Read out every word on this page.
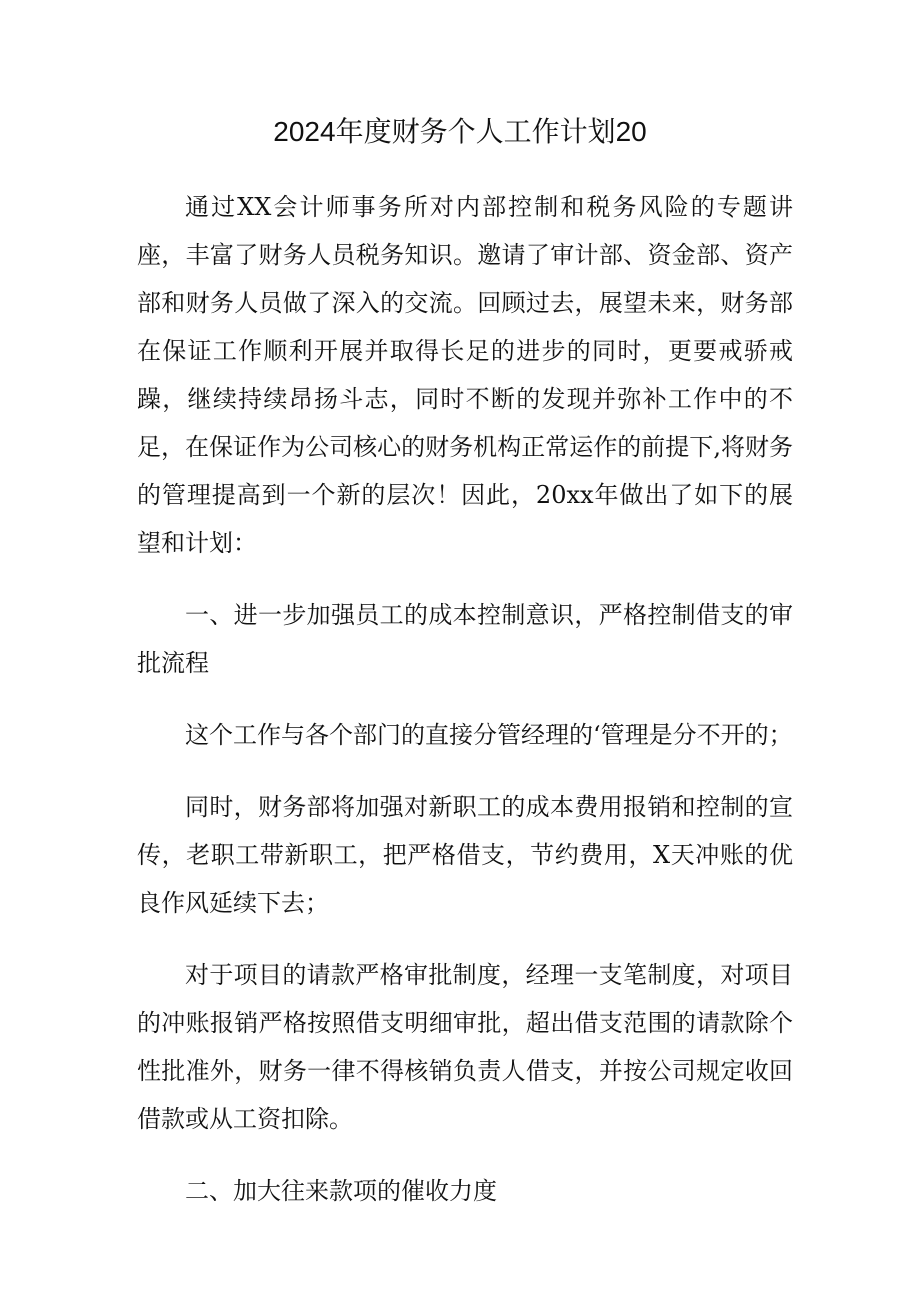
2024年度财务个人工作计划20

通过XX会计师事务所对内部控制和税务风险的专题讲座，丰富了财务人员税务知识。邀请了审计部、资金部、资产部和财务人员做了深入的交流。回顾过去，展望未来，财务部在保证工作顺利开展并取得长足的进步的同时，更要戒骄戒躁，继续持续昂扬斗志，同时不断的发现并弥补工作中的不足，在保证作为公司核心的财务机构正常运作的前提下,将财务的管理提高到一个新的层次！因此，20xx年做出了如下的展望和计划：

一、进一步加强员工的成本控制意识，严格控制借支的审批流程

这个工作与各个部门的直接分管经理的‘管理是分不开的；

同时，财务部将加强对新职工的成本费用报销和控制的宣传，老职工带新职工，把严格借支，节约费用，X天冲账的优良作风延续下去；

对于项目的请款严格审批制度，经理一支笔制度，对项目的冲账报销严格按照借支明细审批，超出借支范围的请款除个性批准外，财务一律不得核销负责人借支，并按公司规定收回借款或从工资扣除。

二、加大往来款项的催收力度
